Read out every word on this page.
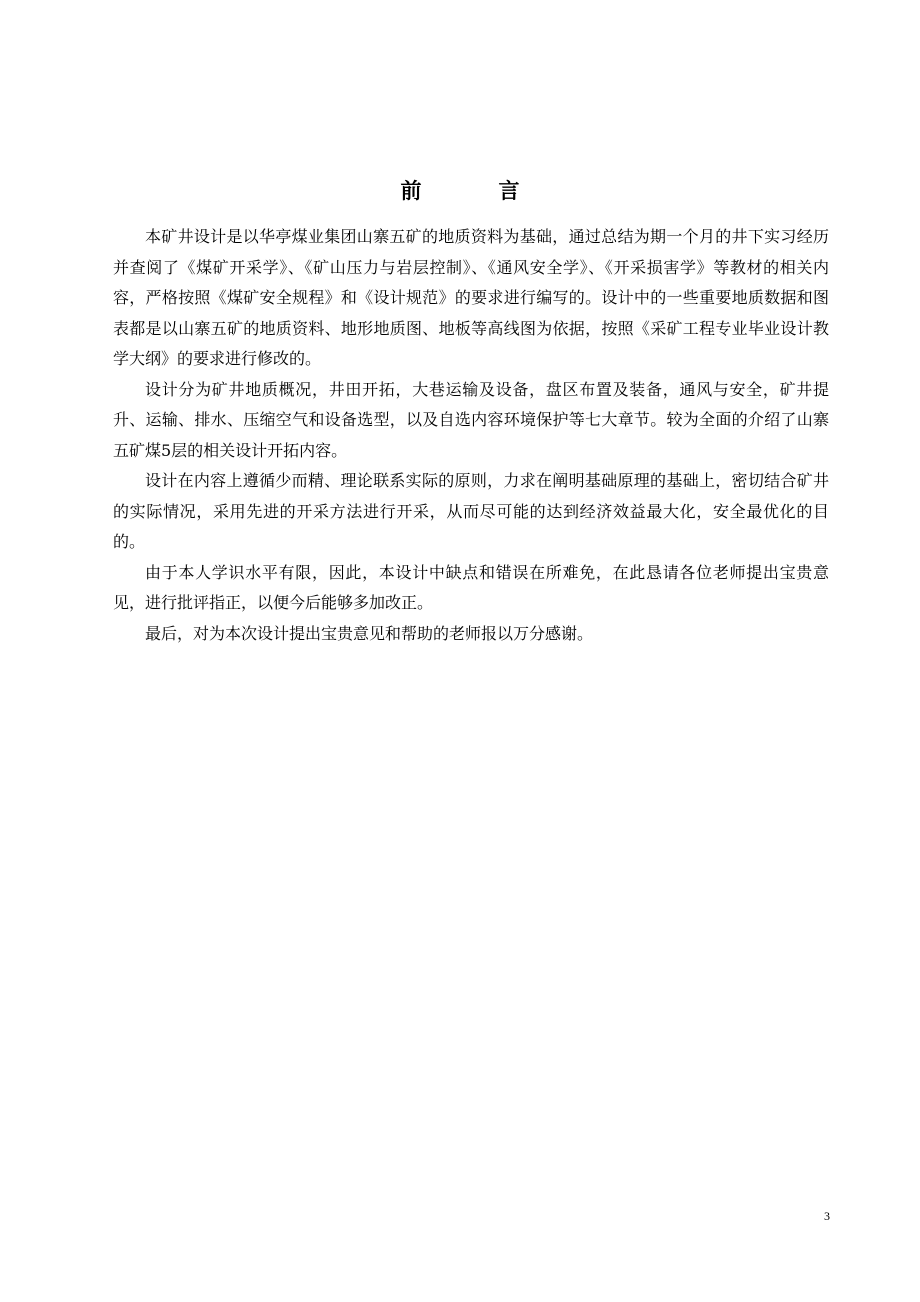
前　言

本矿井设计是以华亭煤业集团山寨五矿的地质资料为基础，通过总结为期一个月的井下实习经历并查阅了《煤矿开采学》、《矿山压力与岩层控制》、《通风安全学》、《开采损害学》等教材的相关内容，严格按照《煤矿安全规程》和《设计规范》的要求进行编写的。设计中的一些重要地质数据和图表都是以山寨五矿的地质资料、地形地质图、地板等高线图为依据，按照《采矿工程专业毕业设计教学大纲》的要求进行修改的。

设计分为矿井地质概况，井田开拓，大巷运输及设备，盘区布置及装备，通风与安全，矿井提升、运输、排水、压缩空气和设备选型，以及自选内容环境保护等七大章节。较为全面的介绍了山寨五矿煤5层的相关设计开拓内容。

设计在内容上遵循少而精、理论联系实际的原则，力求在阐明基础原理的基础上，密切结合矿井的实际情况，采用先进的开采方法进行开采，从而尽可能的达到经济效益最大化，安全最优化的目的。

由于本人学识水平有限，因此，本设计中缺点和错误在所难免，在此恳请各位老师提出宝贵意见，进行批评指正，以便今后能够多加改正。

最后，对为本次设计提出宝贵意见和帮助的老师报以万分感谢。

3
